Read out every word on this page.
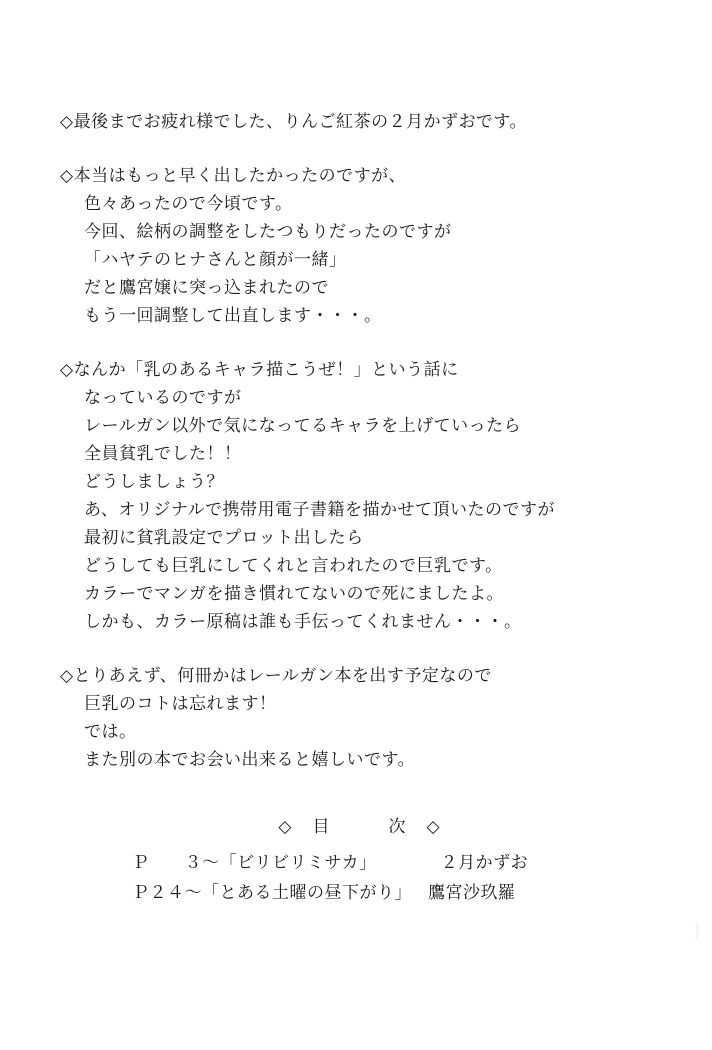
◇最後までお疲れ様でした、りんご紅茶の２月かずおです。
◇本当はもっと早く出したかったのですが、
色々あったので今頃です。
今回、絵柄の調整をしたつもりだったのですが
「ハヤテのヒナさんと顔が一緒」
だと鷹宮嬢に突っ込まれたので
もう一回調整して出直します・・・。
◇なんか「乳のあるキャラ描こうぜ！」という話に
なっているのですが
レールガン以外で気になってるキャラを上げていったら
全員貧乳でした！！
どうしましょう？
あ、オリジナルで携帯用電子書籍を描かせて頂いたのですが
最初に貧乳設定でプロット出したら
どうしても巨乳にしてくれと言われたので巨乳です。
カラーでマンガを描き慣れてないので死にましたよ。
しかも、カラー原稿は誰も手伝ってくれません・・・。
◇とりあえず、何冊かはレールガン本を出す予定なので
巨乳のコトは忘れます！
では。
また別の本でお会い出来ると嬉しいです。
◇　目　　　次　◇
Ｐ　　３〜「ビリビリミサカ」	２月かずお
Ｐ２４〜「とある土曜の昼下がり」 鷹宮沙玖羅
